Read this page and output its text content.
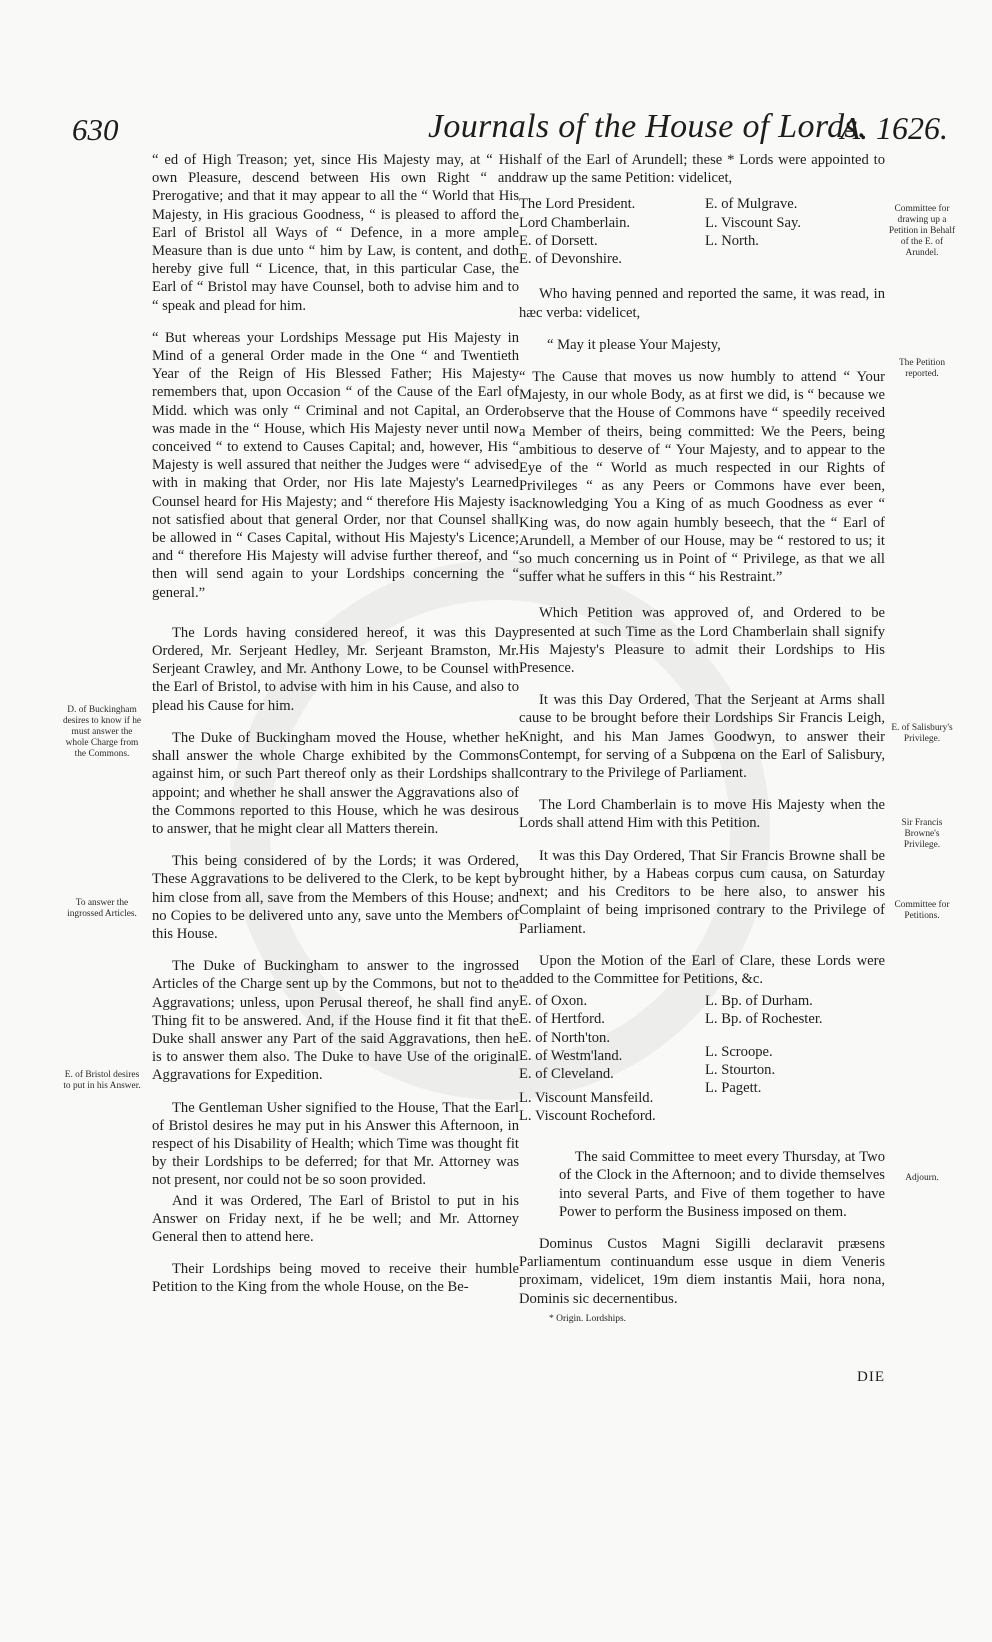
630	Journals of the House of Lords.
A. 1626.

“ ed of High Treason; yet, since His Majesty may, at “ His own Pleasure, descend between His own Right “ and Prerogative; and that it may appear to all the “ World that His Majesty, in His gracious Goodness, “ is pleased to afford the Earl of Bristol all Ways of “ Defence, in a more ample Measure than is due unto “ him by Law, is content, and doth hereby give full “ Licence, that, in this particular Case, the Earl of “ Bristol may have Counsel, both to advise him and to “ speak and plead for him.

“ But whereas your Lordships Message put His Majesty in Mind of a general Order made in the One “ and Twentieth Year of the Reign of His Blessed Father; His Majesty remembers that, upon Occasion “ of the Cause of the Earl of Midd. which was only “ Criminal and not Capital, an Order was made in the “ House, which His Majesty never until now conceived “ to extend to Causes Capital; and, however, His “ Majesty is well assured that neither the Judges were “ advised with in making that Order, nor His late Majesty's Learned Counsel heard for His Majesty; and “ therefore His Majesty is not satisfied about that general Order, nor that Counsel shall be allowed in “ Cases Capital, without His Majesty's Licence; and “ therefore His Majesty will advise further thereof, and “ then will send again to your Lordships concerning the “ general.”

The Lords having considered hereof, it was this Day Ordered, Mr. Serjeant Hedley, Mr. Serjeant Bramston, Mr. Serjeant Crawley, and Mr. Anthony Lowe, to be Counsel with the Earl of Bristol, to advise with him in his Cause, and also to plead his Cause for him.

The Duke of Buckingham moved the House, whether he shall answer the whole Charge exhibited by the Commons against him, or such Part thereof only as their Lordships shall appoint; and whether he shall answer the Aggravations also of the Commons reported to this House, which he was desirous to answer, that he might clear all Matters therein.

This being considered of by the Lords; it was Ordered, These Aggravations to be delivered to the Clerk, to be kept by him close from all, save from the Members of this House; and no Copies to be delivered unto any, save unto the Members of this House.

The Duke of Buckingham to answer to the ingrossed Articles of the Charge sent up by the Commons, but not to the Aggravations; unless, upon Perusal thereof, he shall find any Thing fit to be answered. And, if the House find it fit that the Duke shall answer any Part of the said Aggravations, then he is to answer them also. The Duke to have Use of the original Aggravations for Expedition.

The Gentleman Usher signified to the House, That the Earl of Bristol desires he may put in his Answer this Afternoon, in respect of his Disability of Health; which Time was thought fit by their Lordships to be deferred; for that Mr. Attorney was not present, nor could not be so soon provided.

And it was Ordered, The Earl of Bristol to put in his Answer on Friday next, if he be well; and Mr. Attorney General then to attend here.

Their Lordships being moved to receive their humble Petition to the King from the whole House, on the Be-

half of the Earl of Arundell; these * Lords were appointed to draw up the same Petition: videlicet,

The Lord President.
Lord Chamberlain.
E. of Dorsett.
E. of Devonshire.
E. of Mulgrave.
L. Viscount Say.
L. North.

Who having penned and reported the same, it was read, in hæc verba: videlicet,

“ May it please Your Majesty,

“ The Cause that moves us now humbly to attend “ Your Majesty, in our whole Body, as at first we did, is “ because we observe that the House of Commons have “ speedily received a Member of theirs, being committed: We the Peers, being ambitious to deserve of “ Your Majesty, and to appear to the Eye of the “ World as much respected in our Rights of Privileges “ as any Peers or Commons have ever been, acknowledging You a King of as much Goodness as ever “ King was, do now again humbly beseech, that the “ Earl of Arundell, a Member of our House, may be “ restored to us; it so much concerning us in Point of “ Privilege, as that we all suffer what he suffers in this “ his Restraint.”

Which Petition was approved of, and Ordered to be presented at such Time as the Lord Chamberlain shall signify His Majesty's Pleasure to admit their Lordships to His Presence.

It was this Day Ordered, That the Serjeant at Arms shall cause to be brought before their Lordships Sir Francis Leigh, Knight, and his Man James Goodwyn, to answer their Contempt, for serving of a Subpœna on the Earl of Salisbury, contrary to the Privilege of Parliament.

The Lord Chamberlain is to move His Majesty when the Lords shall attend Him with this Petition.

It was this Day Ordered, That Sir Francis Browne shall be brought hither, by a Habeas corpus cum causa, on Saturday next; and his Creditors to be here also, to answer his Complaint of being imprisoned contrary to the Privilege of Parliament.

Upon the Motion of the Earl of Clare, these Lords were added to the Committee for Petitions, &c.

E. of Oxon.
E. of Hertford.
E. of North'ton.
E. of Westm'land.
E. of Cleveland.
L. Viscount Mansfeild.
L. Viscount Rocheford.
L. Bp. of Durham.
L. Bp. of Rochester.
L. Scroope.
L. Stourton.
L. Pagett.

The said Committee to meet every Thursday, at Two of the Clock in the Afternoon; and to divide themselves into several Parts, and Five of them together to have Power to perform the Business imposed on them.

Dominus Custos Magni Sigilli declaravit præsens Parliamentum continuandum esse usque in diem Veneris proximam, videlicet, 19m diem instantis Maii, hora nona, Dominis sic decernentibus.

* Origin. Lordships.
DIE
D. of Buckingham desires to know if he must answer the whole Charge from the Commons.
To answer the ingrossed Articles.
E. of Bristol desires to put in his Answer.
Committee for drawing up a Petition in Behalf of the E. of Arundel.
The Petition reported.
E. of Salisbury's Privilege.
Sir Francis Browne's Privilege.
Committee for Petitions.
Adjourn.
